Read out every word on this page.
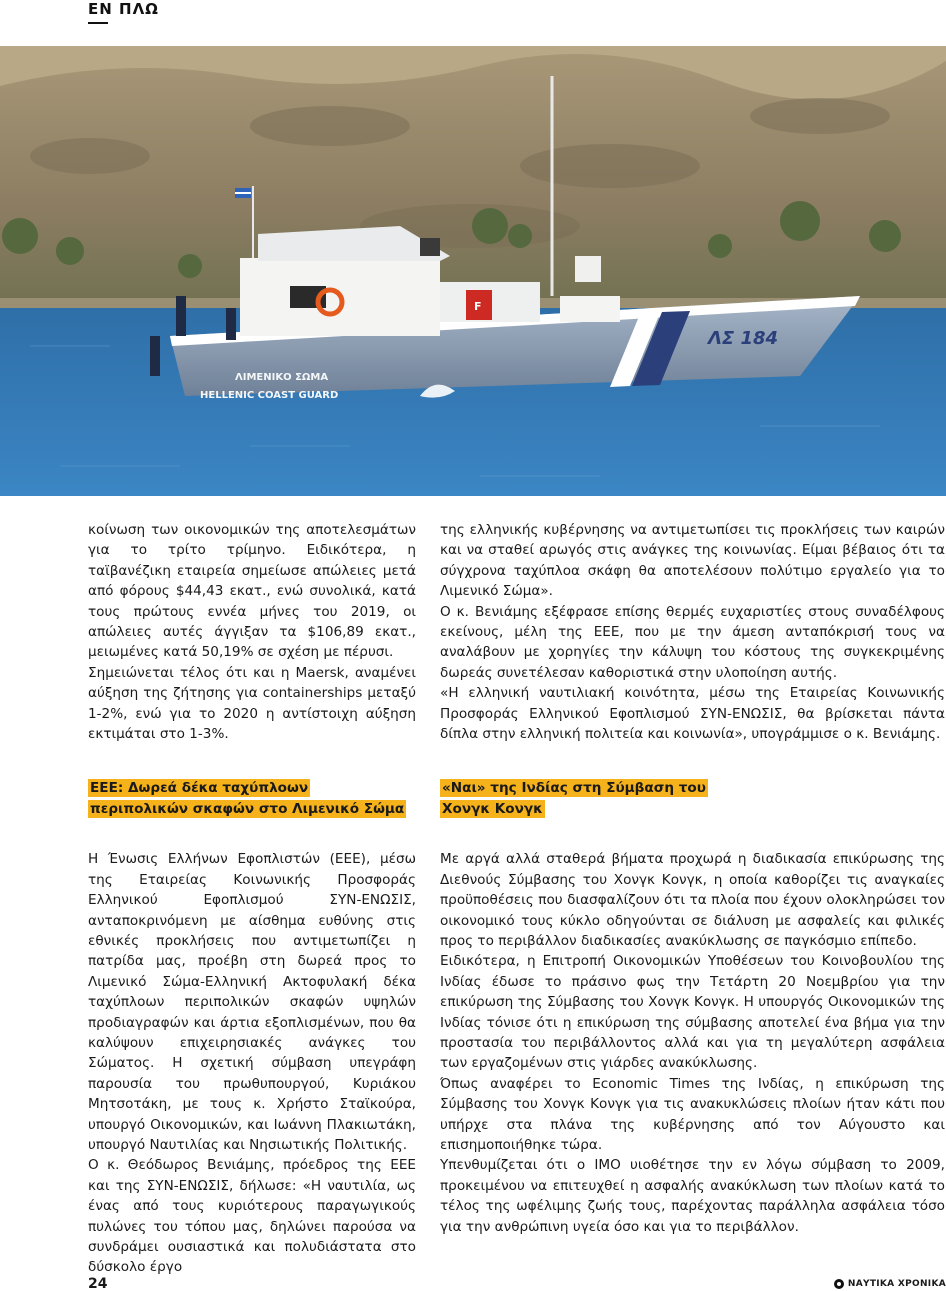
ΕΝ ΠΛΩ
ΛΙΜΕΝΙΚΟ ΣΩΜΑ
HELLENIC COAST GUARD
ΛΣ 184
F

κοίνωση των οικονομικών της αποτελεσμάτων για το τρίτο τρίμηνο. Ειδικότερα, η ταϊβανέζικη εταιρεία σημείωσε απώλειες μετά από φόρους $44,43 εκατ., ενώ συνολικά, κατά τους πρώτους εννέα μήνες του 2019, οι απώλειες αυτές άγγιξαν τα $106,89 εκατ., μειωμένες κατά 50,19% σε σχέση με πέρυσι.

Σημειώνεται τέλος ότι και η Maersk, αναμένει αύξηση της ζήτησης για containerships μεταξύ 1-2%, ενώ για το 2020 η αντίστοιχη αύξηση εκτιμάται στο 1-3%.

ΕΕΕ: Δωρεά δέκα ταχύπλοων περιπολικών σκαφών στο Λιμενικό Σώμα

Η Ένωσις Ελλήνων Εφοπλιστών (ΕΕΕ), μέσω της Εταιρείας Κοινωνικής Προσφοράς Ελληνικού Εφοπλισμού ΣΥΝ-ΕΝΩΣΙΣ, ανταποκρινόμενη με αίσθημα ευθύνης στις εθνικές προκλήσεις που αντιμετωπίζει η πατρίδα μας, προέβη στη δωρεά προς το Λιμενικό Σώμα-Ελληνική Ακτοφυλακή δέκα ταχύπλοων περιπολικών σκαφών υψηλών προδιαγραφών και άρτια εξοπλισμένων, που θα καλύψουν επιχειρησιακές ανάγκες του Σώματος. Η σχετική σύμβαση υπεγράφη παρουσία του πρωθυπουργού, Κυριάκου Μητσοτάκη, με τους κ. Χρήστο Σταϊκούρα, υπουργό Οικονομικών, και Ιωάννη Πλακιωτάκη, υπουργό Ναυτιλίας και Νησιωτικής Πολιτικής.

Ο κ. Θεόδωρος Βενιάμης, πρόεδρος της ΕΕΕ και της ΣΥΝ-ΕΝΩΣΙΣ, δήλωσε: «Η ναυτιλία, ως ένας από τους κυριότερους παραγωγικούς πυλώνες του τόπου μας, δηλώνει παρούσα να συνδράμει ουσιαστικά και πολυδιάστατα στο δύσκολο έργο

της ελληνικής κυβέρνησης να αντιμετωπίσει τις προκλήσεις των καιρών και να σταθεί αρωγός στις ανάγκες της κοινωνίας. Είμαι βέβαιος ότι τα σύγχρονα ταχύπλοα σκάφη θα αποτελέσουν πολύτιμο εργαλείο για το Λιμενικό Σώμα».

Ο κ. Βενιάμης εξέφρασε επίσης θερμές ευχαριστίες στους συναδέλφους εκείνους, μέλη της ΕΕΕ, που με την άμεση ανταπόκρισή τους να αναλάβουν με χορηγίες την κάλυψη του κόστους της συγκεκριμένης δωρεάς συνετέλεσαν καθοριστικά στην υλοποίηση αυτής.

«Η ελληνική ναυτιλιακή κοινότητα, μέσω της Εταιρείας Κοινωνικής Προσφοράς Ελληνικού Εφοπλισμού ΣΥΝ-ΕΝΩΣΙΣ, θα βρίσκεται πάντα δίπλα στην ελληνική πολιτεία και κοινωνία», υπογράμμισε ο κ. Βενιάμης.

«Ναι» της Ινδίας στη Σύμβαση του Χονγκ Κονγκ

Με αργά αλλά σταθερά βήματα προχωρά η διαδικασία επικύρωσης της Διεθνούς Σύμβασης του Χονγκ Κονγκ, η οποία καθορίζει τις αναγκαίες προϋποθέσεις που διασφαλίζουν ότι τα πλοία που έχουν ολοκληρώσει τον οικονομικό τους κύκλο οδηγούνται σε διάλυση με ασφαλείς και φιλικές προς το περιβάλλον διαδικασίες ανακύκλωσης σε παγκόσμιο επίπεδο.

Ειδικότερα, η Επιτροπή Οικονομικών Υποθέσεων του Κοινοβουλίου της Ινδίας έδωσε το πράσινο φως την Τετάρτη 20 Νοεμβρίου για την επικύρωση της Σύμβασης του Χονγκ Κονγκ. Η υπουργός Οικονομικών της Ινδίας τόνισε ότι η επικύρωση της σύμβασης αποτελεί ένα βήμα για την προστασία του περιβάλλοντος αλλά και για τη μεγαλύτερη ασφάλεια των εργαζομένων στις γιάρδες ανακύκλωσης.

Όπως αναφέρει το Economic Times της Ινδίας, η επικύρωση της Σύμβασης του Χονγκ Κονγκ για τις ανακυκλώσεις πλοίων ήταν κάτι που υπήρχε στα πλάνα της κυβέρνησης από τον Αύγουστο και επισημοποιήθηκε τώρα.

Υπενθυμίζεται ότι ο ΙΜΟ υιοθέτησε την εν λόγω σύμβαση το 2009, προκειμένου να επιτευχθεί η ασφαλής ανακύκλωση των πλοίων κατά το τέλος της ωφέλιμης ζωής τους, παρέχοντας παράλληλα ασφάλεια τόσο για την ανθρώπινη υγεία όσο και για το περιβάλλον.

24	ΝΑΥΤΙΚΑ ΧΡΟΝΙΚΑ
